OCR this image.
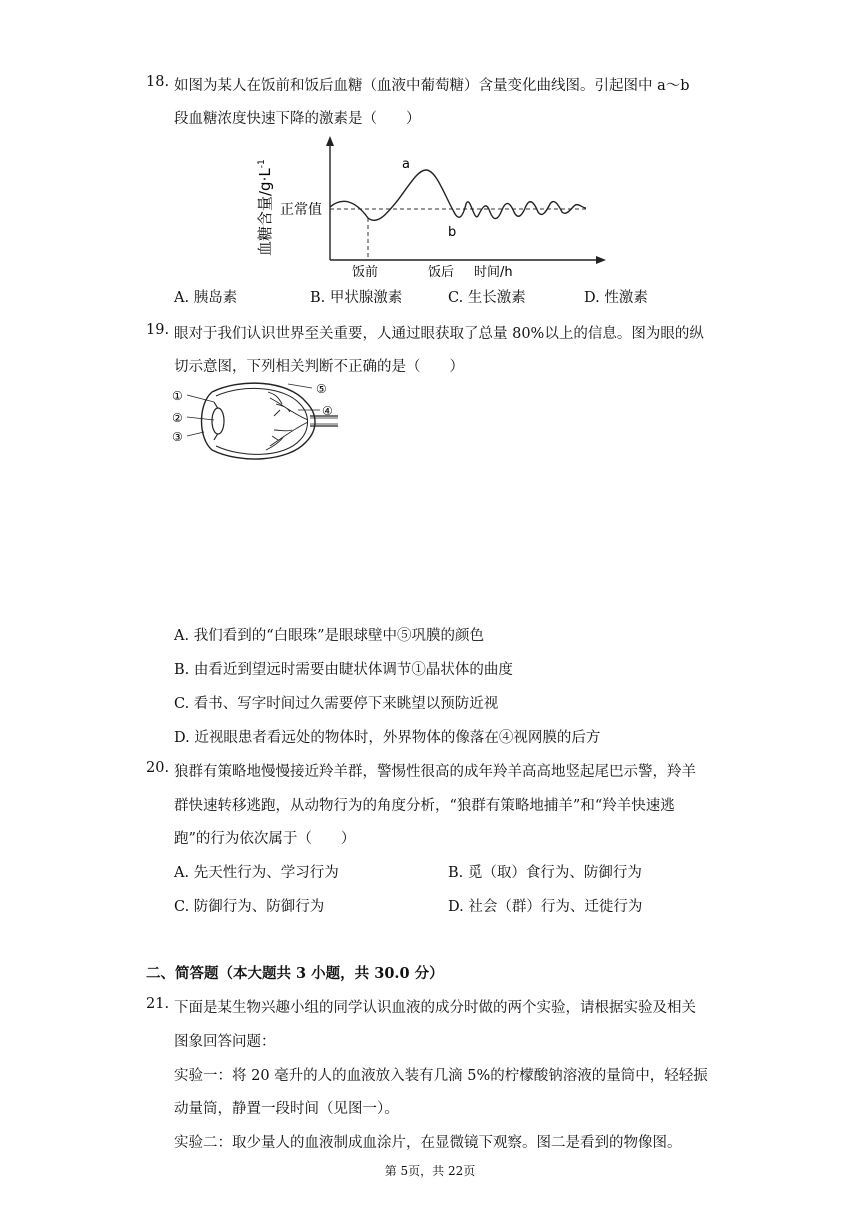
18. 如图为某人在饭前和饭后血糖（血液中葡萄糖）含量变化曲线图。引起图中 a～b
段血糖浓度快速下降的激素是（　　）
血糖含量$/g\cdot L^{-1}$
正常值
a
b
饭前	饭后 时间/h
A. 胰岛素	B. 甲状腺激素	C. 生长激素	D. 性激素
19. 眼对于我们认识世界至关重要，人通过眼获取了总量 80%以上的信息。图为眼的纵
切示意图，下列相关判断不正确的是（　　）
①
②
③
⑤
④
A. 我们看到的“白眼珠”是眼球壁中⑤巩膜的颜色
B. 由看近到望远时需要由睫状体调节①晶状体的曲度
C. 看书、写字时间过久需要停下来眺望以预防近视
D. 近视眼患者看远处的物体时，外界物体的像落在④视网膜的后方
20. 狼群有策略地慢慢接近羚羊群，警惕性很高的成年羚羊高高地竖起尾巴示警，羚羊
群快速转移逃跑，从动物行为的角度分析，“狼群有策略地捕羊”和“羚羊快速逃
跑”的行为依次属于（　　）
A. 先天性行为、学习行为	B. 觅（取）食行为、防御行为
C. 防御行为、防御行为	D. 社会（群）行为、迁徙行为
二、简答题（本大题共 3 小题，共 30.0 分）
21. 下面是某生物兴趣小组的同学认识血液的成分时做的两个实验，请根据实验及相关
图象回答问题：
实验一：将 20 毫升的人的血液放入装有几滴 5%的柠檬酸钠溶液的量筒中，轻轻振
动量筒，静置一段时间（见图一）。
实验二：取少量人的血液制成血涂片，在显微镜下观察。图二是看到的物像图。
第 5页，共 22页
